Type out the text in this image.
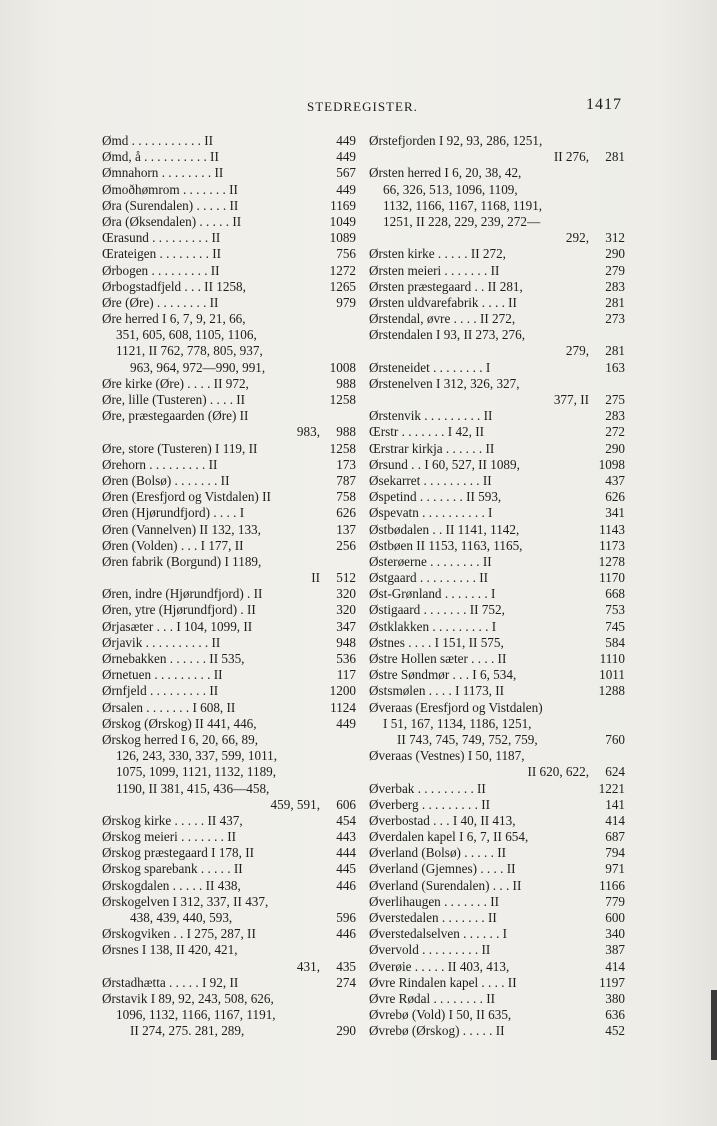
STEDREGISTER.	1417
Ømd . . . . . . . . . . . II	449
Ømd, å . . . . . . . . . . II	449
Ømnahorn . . . . . . . . II	567
Ømoðhømrom . . . . . . . II	449
Øra (Surendalen) . . . . . II	1169
Øra (Øksendalen) . . . . . II	1049
Œrasund . . . . . . . . . II	1089
Œrateigen . . . . . . . . II	756
Ørbogen . . . . . . . . . II	1272
Ørbogstadfjeld . . . II 1258,	1265
Øre (Øre) . . . . . . . . II	979
Øre herred I 6, 7, 9, 21, 66,
351, 605, 608, 1105, 1106,
1121, II 762, 778, 805, 937,
963, 964, 972—990, 991,	1008
Øre kirke (Øre) . . . . II 972,	988
Øre, lille (Tusteren) . . . . II	1258
Øre, præstegaarden (Øre) II
983, 988
Øre, store (Tusteren) I 119, II	1258
Ørehorn . . . . . . . . . II	173
Øren (Bolsø) . . . . . . . II	787
Øren (Eresfjord og Vistdalen) II	758
Øren (Hjørundfjord) . . . . I	626
Øren (Vannelven) II 132, 133,	137
Øren (Volden) . . . I 177, II	256
Øren fabrik (Borgund) I 1189,
II 512
Øren, indre (Hjørundfjord) . II	320
Øren, ytre (Hjørundfjord) . II	320
Ørjasæter . . . I 104, 1099, II	347
Ørjavik . . . . . . . . . . II	948
Ørnebakken . . . . . . II 535,	536
Ørnetuen . . . . . . . . . II	117
Ørnfjeld . . . . . . . . . II	1200
Ørsalen . . . . . . . I 608, II	1124
Ørskog (Ørskog) II 441, 446,	449
Ørskog herred I 6, 20, 66, 89,
126, 243, 330, 337, 599, 1011,
1075, 1099, 1121, 1132, 1189,
1190, II 381, 415, 436—458,
459, 591, 606
Ørskog kirke . . . . . II 437,	454
Ørskog meieri . . . . . . . II	443
Ørskog præstegaard I 178, II	444
Ørskog sparebank . . . . . II	445
Ørskogdalen . . . . . II 438,	446
Ørskogelven I 312, 337, II 437,
438, 439, 440, 593,	596
Ørskogviken . . I 275, 287, II	446
Ørsnes I 138, II 420, 421,
431, 435
Ørstadhætta . . . . . I 92, II	274
Ørstavik I 89, 92, 243, 508, 626,
1096, 1132, 1166, 1167, 1191,
II 274, 275. 281, 289,	290
Ørstefjorden I 92, 93, 286, 1251,
II 276, 281
Ørsten herred I 6, 20, 38, 42,
66, 326, 513, 1096, 1109,
1132, 1166, 1167, 1168, 1191,
1251, II 228, 229, 239, 272—
292, 312
Ørsten kirke . . . . . II 272,	290
Ørsten meieri . . . . . . . II	279
Ørsten præstegaard . . II 281,	283
Ørsten uldvarefabrik . . . . II	281
Ørstendal, øvre . . . . II 272,	273
Ørstendalen I 93, II 273, 276,
279, 281
Ørsteneidet . . . . . . . . I	163
Ørstenelven I 312, 326, 327,
377, II 275
Ørstenvik . . . . . . . . . II	283
Œrstr . . . . . . . I 42, II	272
Œrstrar kirkja . . . . . . II	290
Ørsund . . I 60, 527, II 1089,	1098
Øsekarret . . . . . . . . . II	437
Øspetind . . . . . . . II 593,	626
Øspevatn . . . . . . . . . . I	341
Østbødalen . . II 1141, 1142,	1143
Østbøen II 1153, 1163, 1165,	1173
Østerøerne . . . . . . . . II	1278
Østgaard . . . . . . . . . II	1170
Øst-Grønland . . . . . . . I	668
Østigaard . . . . . . . II 752,	753
Østklakken . . . . . . . . . I	745
Østnes . . . . I 151, II 575,	584
Østre Hollen sæter . . . . II	1110
Østre Søndmør . . . I 6, 534,	1011
Østsmølen . . . . I 1173, II	1288
Øveraas (Eresfjord og Vistdalen)
I 51, 167, 1134, 1186, 1251,
II 743, 745, 749, 752, 759,	760
Øveraas (Vestnes) I 50, 1187,
II 620, 622, 624
Øverbak . . . . . . . . . II	1221
Øverberg . . . . . . . . . II	141
Øverbostad . . . I 40, II 413,	414
Øverdalen kapel I 6, 7, II 654,	687
Øverland (Bolsø) . . . . . II	794
Øverland (Gjemnes) . . . . II	971
Øverland (Surendalen) . . . II	1166
Øverlihaugen . . . . . . . II	779
Øverstedalen . . . . . . . II	600
Øverstedalselven . . . . . . I	340
Øvervold . . . . . . . . . II	387
Øverøie . . . . . II 403, 413,	414
Øvre Rindalen kapel . . . . II	1197
Øvre Rødal . . . . . . . . II	380
Øvrebø (Vold) I 50, II 635,	636
Øvrebø (Ørskog) . . . . . II	452
